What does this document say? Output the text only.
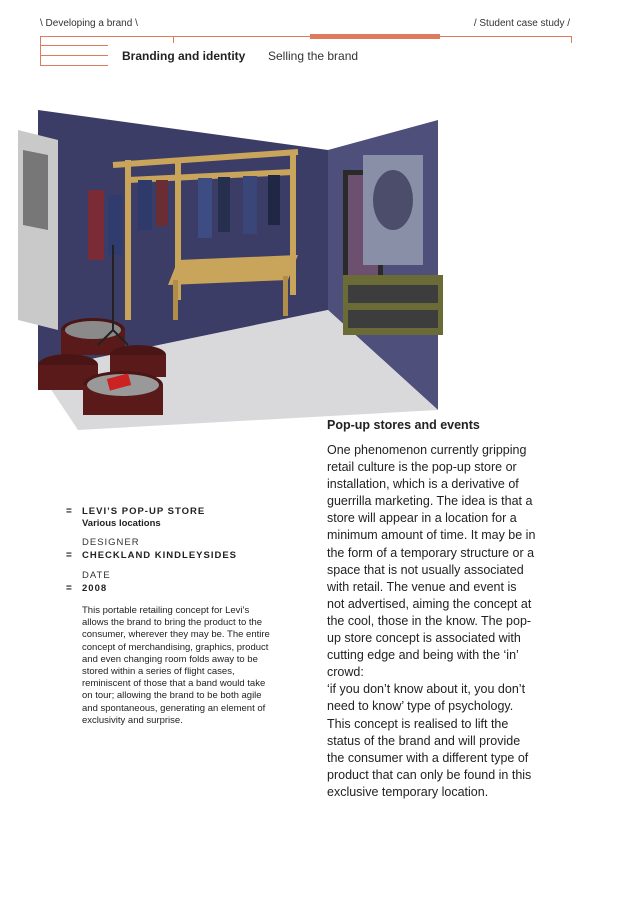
\ Developing a brand \	/ Student case study /
Branding and identity Selling the brand
= LEVI’S POP-UP STORE
Various locations
DESIGNER
= CHECKLAND KINDLEYSIDES
DATE
= 2008
This portable retailing concept for Levi’s allows the brand to bring the product to the consumer, wherever they may be. The entire concept of merchandising, graphics, product and even changing room folds away to be stored within a series of flight cases, reminiscent of those that a band would take on tour; allowing the brand to be both agile and spontaneous, generating an element of exclusivity and surprise.
Pop-up stores and events

One phenomenon currently gripping retail culture is the pop-up store or installation, which is a derivative of guerrilla marketing. The idea is that a store will appear in a location for a minimum amount of time. It may be in the form of a temporary structure or a space that is not usually associated with retail. The venue and event is not advertised, aiming the concept at the cool, those in the know. The pop-up store concept is associated with cutting edge and being with the ‘in’ crowd:

‘if you don’t know about it, you don’t need to know’ type of psychology. This concept is realised to lift the status of the brand and will provide the consumer with a different type of product that can only be found in this exclusive temporary location.
